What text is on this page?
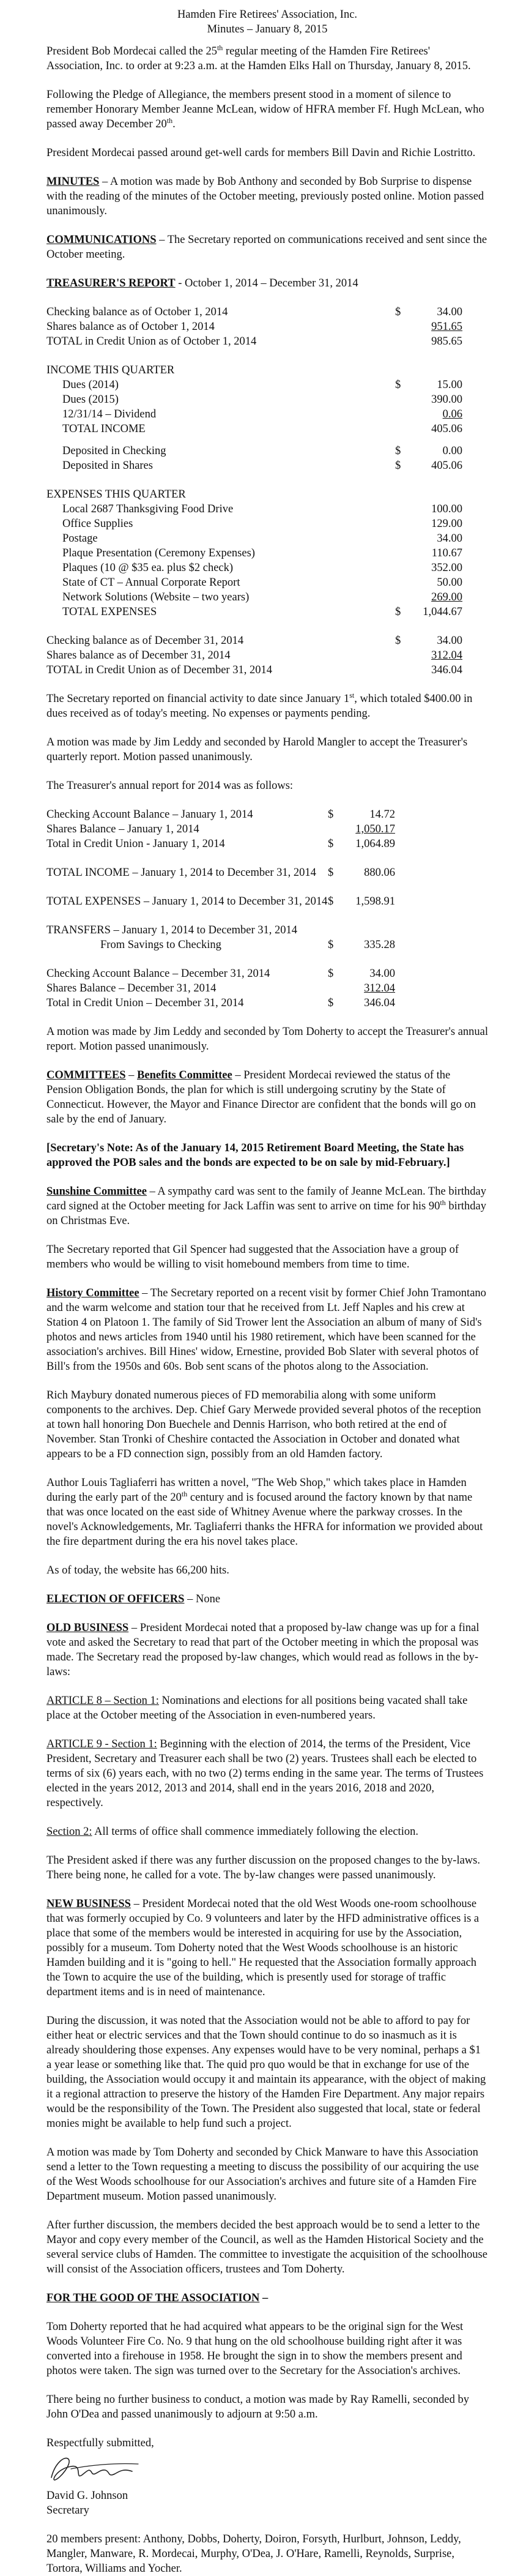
Hamden Fire Retirees' Association, Inc.
Minutes – January 8, 2015

President Bob Mordecai called the 25th regular meeting of the Hamden Fire Retirees' Association, Inc. to order at 9:23 a.m. at the Hamden Elks Hall on Thursday, January 8, 2015.

Following the Pledge of Allegiance, the members present stood in a moment of silence to remember Honorary Member Jeanne McLean, widow of HFRA member Ff. Hugh McLean, who passed away December 20th.

President Mordecai passed around get-well cards for members Bill Davin and Richie Lostritto.

MINUTES – A motion was made by Bob Anthony and seconded by Bob Surprise to dispense with the reading of the minutes of the October meeting, previously posted online. Motion passed unanimously.

COMMUNICATIONS – The Secretary reported on communications received and sent since the October meeting.

TREASURER'S REPORT - October 1, 2014 – December 31, 2014
Checking balance as of October 1, 2014	$	34.00
Shares balance as of October 1, 2014	951.65
TOTAL in Credit Union as of October 1, 2014	985.65
INCOME THIS QUARTER
Dues (2014)	$	15.00
Dues (2015)	390.00
12/31/14 – Dividend	0.06
TOTAL INCOME	405.06
Deposited in Checking	$	0.00
Deposited in Shares	$	405.06
EXPENSES THIS QUARTER
Local 2687 Thanksgiving Food Drive	100.00
Office Supplies	129.00
Postage	34.00
Plaque Presentation (Ceremony Expenses)	110.67
Plaques (10 @ $35 ea. plus $2 check)	352.00
State of CT – Annual Corporate Report	50.00
Network Solutions (Website – two years)	269.00
TOTAL EXPENSES	$	1,044.67
Checking balance as of December 31, 2014	$	34.00
Shares balance as of December 31, 2014	312.04
TOTAL in Credit Union as of December 31, 2014	346.04

The Secretary reported on financial activity to date since January 1st, which totaled $400.00 in dues received as of today's meeting. No expenses or payments pending.

A motion was made by Jim Leddy and seconded by Harold Mangler to accept the Treasurer's quarterly report. Motion passed unanimously.

The Treasurer's annual report for 2014 was as follows:

Checking Account Balance – January 1, 2014	$	14.72
Shares Balance – January 1, 2014	1,050.17
Total in Credit Union - January 1, 2014	$	1,064.89
TOTAL INCOME – January 1, 2014 to December 31, 2014 $	880.06
TOTAL EXPENSES – January 1, 2014 to December 31, 2014 $	1,598.91
TRANSFERS – January 1, 2014 to December 31, 2014
From Savings to Checking	$	335.28
Checking Account Balance – December 31, 2014	$	34.00
Shares Balance – December 31, 2014	312.04
Total in Credit Union – December 31, 2014	$	346.04

A motion was made by Jim Leddy and seconded by Tom Doherty to accept the Treasurer's annual report. Motion passed unanimously.

COMMITTEES – Benefits Committee – President Mordecai reviewed the status of the Pension Obligation Bonds, the plan for which is still undergoing scrutiny by the State of Connecticut. However, the Mayor and Finance Director are confident that the bonds will go on sale by the end of January.

[Secretary's Note: As of the January 14, 2015 Retirement Board Meeting, the State has approved the POB sales and the bonds are expected to be on sale by mid-February.]

Sunshine Committee – A sympathy card was sent to the family of Jeanne McLean. The birthday card signed at the October meeting for Jack Laffin was sent to arrive on time for his 90th birthday on Christmas Eve.

The Secretary reported that Gil Spencer had suggested that the Association have a group of members who would be willing to visit homebound members from time to time.

History Committee – The Secretary reported on a recent visit by former Chief John Tramontano and the warm welcome and station tour that he received from Lt. Jeff Naples and his crew at Station 4 on Platoon 1. The family of Sid Trower lent the Association an album of many of Sid's photos and news articles from 1940 until his 1980 retirement, which have been scanned for the association's archives. Bill Hines' widow, Ernestine, provided Bob Slater with several photos of Bill's from the 1950s and 60s. Bob sent scans of the photos along to the Association.

Rich Maybury donated numerous pieces of FD memorabilia along with some uniform components to the archives. Dep. Chief Gary Merwede provided several photos of the reception at town hall honoring Don Buechele and Dennis Harrison, who both retired at the end of November. Stan Tronki of Cheshire contacted the Association in October and donated what appears to be a FD connection sign, possibly from an old Hamden factory.

Author Louis Tagliaferri has written a novel, "The Web Shop," which takes place in Hamden during the early part of the 20th century and is focused around the factory known by that name that was once located on the east side of Whitney Avenue where the parkway crosses. In the novel's Acknowledgements, Mr. Tagliaferri thanks the HFRA for information we provided about the fire department during the era his novel takes place.

As of today, the website has 66,200 hits.

ELECTION OF OFFICERS – None

OLD BUSINESS – President Mordecai noted that a proposed by-law change was up for a final vote and asked the Secretary to read that part of the October meeting in which the proposal was made. The Secretary read the proposed by-law changes, which would read as follows in the by-laws:

ARTICLE 8 – Section 1: Nominations and elections for all positions being vacated shall take place at the October meeting of the Association in even-numbered years.

ARTICLE 9 - Section 1: Beginning with the election of 2014, the terms of the President, Vice President, Secretary and Treasurer each shall be two (2) years. Trustees shall each be elected to terms of six (6) years each, with no two (2) terms ending in the same year. The terms of Trustees elected in the years 2012, 2013 and 2014, shall end in the years 2016, 2018 and 2020, respectively.

Section 2: All terms of office shall commence immediately following the election.

The President asked if there was any further discussion on the proposed changes to the by-laws. There being none, he called for a vote. The by-law changes were passed unanimously.

NEW BUSINESS – President Mordecai noted that the old West Woods one-room schoolhouse that was formerly occupied by Co. 9 volunteers and later by the HFD administrative offices is a place that some of the members would be interested in acquiring for use by the Association, possibly for a museum. Tom Doherty noted that the West Woods schoolhouse is an historic Hamden building and it is "going to hell." He requested that the Association formally approach the Town to acquire the use of the building, which is presently used for storage of traffic department items and is in need of maintenance.

During the discussion, it was noted that the Association would not be able to afford to pay for either heat or electric services and that the Town should continue to do so inasmuch as it is already shouldering those expenses. Any expenses would have to be very nominal, perhaps a $1 a year lease or something like that. The quid pro quo would be that in exchange for use of the building, the Association would occupy it and maintain its appearance, with the object of making it a regional attraction to preserve the history of the Hamden Fire Department. Any major repairs would be the responsibility of the Town. The President also suggested that local, state or federal monies might be available to help fund such a project.

A motion was made by Tom Doherty and seconded by Chick Manware to have this Association send a letter to the Town requesting a meeting to discuss the possibility of our acquiring the use of the West Woods schoolhouse for our Association's archives and future site of a Hamden Fire Department museum. Motion passed unanimously.

After further discussion, the members decided the best approach would be to send a letter to the Mayor and copy every member of the Council, as well as the Hamden Historical Society and the several service clubs of Hamden. The committee to investigate the acquisition of the schoolhouse will consist of the Association officers, trustees and Tom Doherty.

FOR THE GOOD OF THE ASSOCIATION –

Tom Doherty reported that he had acquired what appears to be the original sign for the West Woods Volunteer Fire Co. No. 9 that hung on the old schoolhouse building right after it was converted into a firehouse in 1958. He brought the sign in to show the members present and photos were taken. The sign was turned over to the Secretary for the Association's archives.

There being no further business to conduct, a motion was made by Ray Ramelli, seconded by John O'Dea and passed unanimously to adjourn at 9:50 a.m.

Respectfully submitted,
David G. Johnson
Secretary

20 members present: Anthony, Dobbs, Doherty, Doiron, Forsyth, Hurlburt, Johnson, Leddy, Mangler, Manware, R. Mordecai, Murphy, O'Dea, J. O'Hare, Ramelli, Reynolds, Surprise, Tortora, Williams and Yocher.
